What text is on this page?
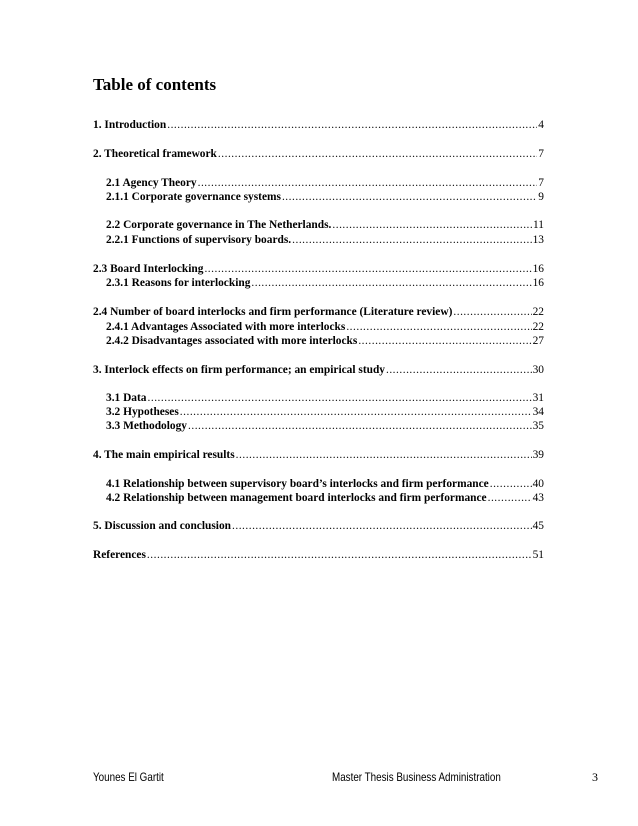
Table of contents
1. Introduction .....	4
2. Theoretical framework .....	7
2.1 Agency Theory .....	7
2.1.1 Corporate governance systems .....	9
2.2 Corporate governance in The Netherlands. .....	11
2.2.1 Functions of supervisory boards. .....	13
2.3 Board Interlocking .....	16
2.3.1 Reasons for interlocking .....	16
2.4 Number of board interlocks and firm performance (Literature review) .....	22
2.4.1 Advantages Associated with more interlocks .....	22
2.4.2 Disadvantages associated with more interlocks .....	27
3. Interlock effects on firm performance; an empirical study .....	30
3.1 Data .....	31
3.2 Hypotheses .....	34
3.3 Methodology .....	35
4. The main empirical results .....	39
4.1 Relationship between supervisory board’s interlocks and firm performance .....	40
4.2 Relationship between management board interlocks and firm performance .....	43
5. Discussion and conclusion .....	45
References .....	51
Younes El Gartit	Master Thesis Business Administration	3
